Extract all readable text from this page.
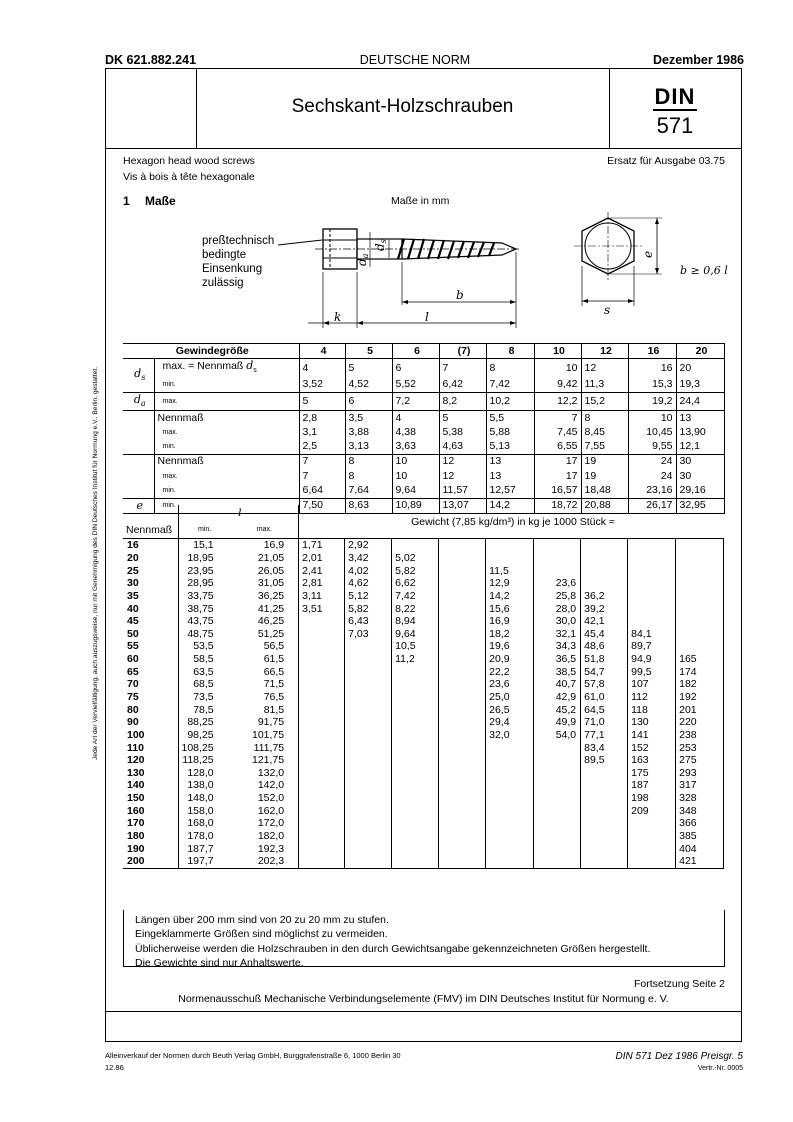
DK 621.882.241	DEUTSCHE NORM	Dezember 1986
Sechskant-Holzschrauben	DIN
571
Jede Art der Vervielfältigung, auch auszugsweise, nur mit Genehmigung des DIN Deutsches Institut für Normung e.V., Berlin, gestattet.
Hexagon head wood screws
Vis à bois à tête hexagonale
Ersatz für Ausgabe 03.75
1 Maße	Maße in mm
preßtechnisch
bedingte
Einsenkung
zulässig
b
k	l	s
e
da
ds
b ≥ 0,6 l
Gewindegröße		4	5	6	(7)	8	10	12	16	20
$d_s$	max. = Nennmaß $d_s$	4	5	6	7	8	10	12	16	20
	min.	3,52	4,52	5,52	6,42	7,42	9,42	11,3	15,3	19,3
$d_a$	max.	5	6	7,2	8,2	10,2	12,2	15,2	19,2	24,4
	Nennmaß	2,8	3,5	4	5	5,5	7	8	10	13
	max.	3,1	3,88	4,38	5,38	5,88	7,45	8,45	10,45	13,90
	min.	2,5	3,13	3,63	4,63	5,13	6,55	7,55	9,55	12,1
	Nennmaß	7	8	10	12	13	17	19	24	30
	max.	7	8	10	12	13	17	19	24	30
	min.	6,64	7,64	9,64	11,57	12,57	16,57	18,48	23,16	29,16
e	min.	7,50	8,63	10,89	13,07	14,2	18,72	20,88	26,17	32,95
	l		Gewicht (7,85 kg/dm³) in kg je 1000 Stück ≈								
Nennmaß	min.	max.									
16	15,1	16,9	1,71	2,92							
20	18,95	21,05	2,01	3,42	5,02						
25	23,95	26,05	2,41	4,02	5,82		11,5				
30	28,95	31,05	2,81	4,62	6,62		12,9	23,6			
35	33,75	36,25	3,11	5,12	7,42		14,2	25,8	36,2		
40	38,75	41,25	3,51	5,82	8,22		15,6	28,0	39,2		
45	43,75	46,25		6,43	8,94		16,9	30,0	42,1		
50	48,75	51,25		7,03	9,64		18,2	32,1	45,4	84,1	
55	53,5	56,5			10,5		19,6	34,3	48,6	89,7	
60	58,5	61,5			11,2		20,9	36,5	51,8	94,9	165
65	63,5	66,5					22,2	38,5	54,7	99,5	174
70	68,5	71,5					23,6	40,7	57,8	107	182
75	73,5	76,5					25,0	42,9	61,0	112	192
80	78,5	81,5					26,5	45,2	64,5	118	201
90	88,25	91,75					29,4	49,9	71,0	130	220
100	98,25	101,75					32,0	54,0	77,1	141	238
110	108,25	111,75							83,4	152	253
120	118,25	121,75							89,5	163	275
130	128,0	132,0								175	293
140	138,0	142,0								187	317
150	148,0	152,0								198	328
160	158,0	162,0								209	348
170	168,0	172,0									366
180	178,0	182,0									385
190	187,7	192,3									404
200	197,7	202,3									421
Längen über 200 mm sind von 20 zu 20 mm zu stufen.
Eingeklammerte Größen sind möglichst zu vermeiden.
Üblicherweise werden die Holzschrauben in den durch Gewichtsangabe gekennzeichneten Größen hergestellt.
Die Gewichte sind nur Anhaltswerte.
Fortsetzung Seite 2
Normenausschuß Mechanische Verbindungselemente (FMV) im DIN Deutsches Institut für Normung e. V.
Alleinverkauf der Normen durch Beuth Verlag GmbH, Burggrafenstraße 6, 1000 Berlin 30
12.86
DIN 571 Dez 1986 Preisgr. 5
Vertr.-Nr. 0005
